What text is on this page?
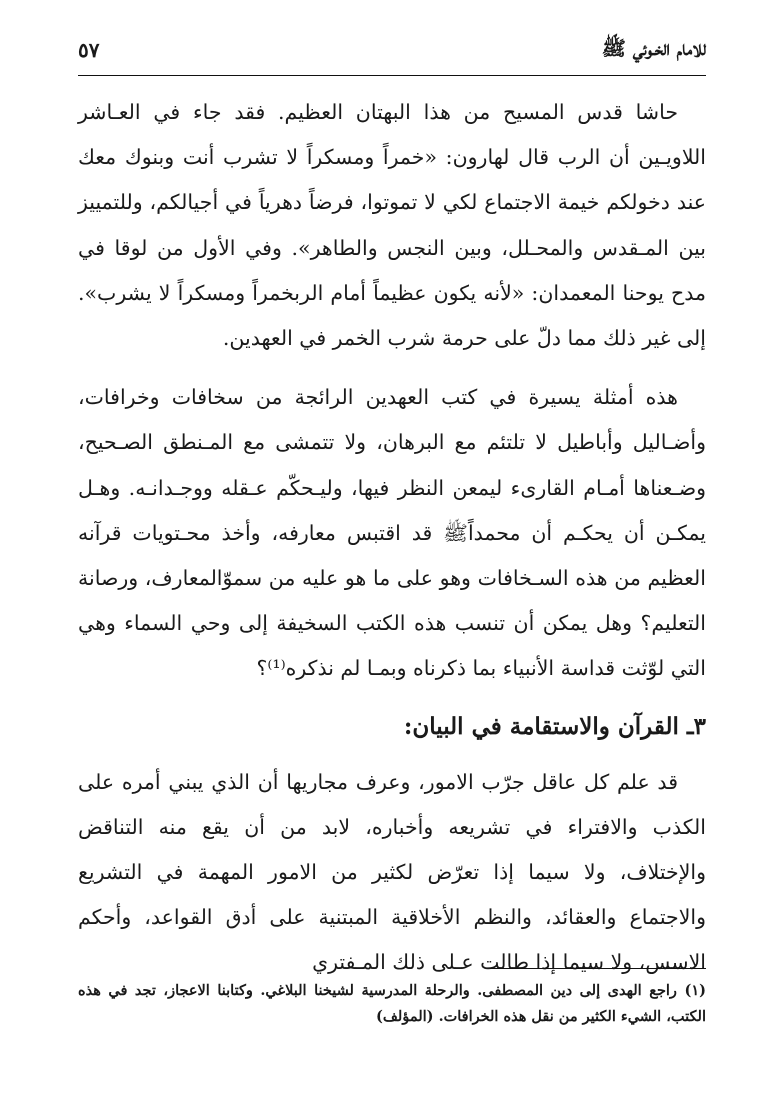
للامام الخـوئي ﷺ
٥٧

حاشا قدس المسيح من هذا البهتان العظيم. فقد جاء في العـاشر اللاويـين أن الرب قال لهارون: «خمراً ومسكراً لا تشرب أنت وبنوك معك عند دخولكم خيمة الاجتماع لكي لا تموتوا، فرضاً دهرياً في أجيالكم، وللتمييز بين المـقدس والمحـلل، وبين النجس والطاهر». وفي الأول من لوقا في مدح يوحنا المعمدان: «لأنه يكون عظيماً أمام الربخمراً ومسكراً لا يشرب». إلى غير ذلك مما دلّ على حرمة شرب الخمر في العهدين.

هذه أمثلة يسيرة في كتب العهدين الرائجة من سخافات وخرافات، وأضـاليل وأباطيل لا تلتئم مع البرهان، ولا تتمشى مع المـنطق الصـحيح، وضـعناها أمـام القارىء ليمعن النظر فيها، وليـحكّم عـقله ووجـدانـه. وهـل يمكـن أن يحكـم أن محمداًﷺ قد اقتبس معارفه، وأخذ محـتويات قرآنه العظيم من هذه السـخافات وهو على ما هو عليه من سموّالمعارف، ورصانة التعليم؟ وهل يمكن أن تنسب هذه الكتب السخيفة إلى وحي السماء وهي التي لوّثت قداسة الأنبياء بما ذكرناه وبمـا لم نذكره⁽¹⁾؟

٣ـ القرآن والاستقامة في البيان:

قد علم كل عاقل جرّب الامور، وعرف مجاريها أن الذي يبني أمره على الكذب والافتراء في تشريعه وأخباره، لابد من أن يقع منه التناقض والإختلاف، ولا سيما إذا تعرّض لكثير من الامور المهمة في التشريع والاجتماع والعقائد، والنظم الأخلاقية المبتنية على أدق القواعد، وأحكم الاسس، ولا سيما إذا طالت عـلى ذلك المـفتري

(١) راجع الهدى إلى دين المصطفى. والرحلة المدرسية لشيخنا البلاغي. وكتابنا الاعجاز، تجد في هذه الكتب، الشيء الكثير من نقل هذه الخرافات. (المؤلف)
